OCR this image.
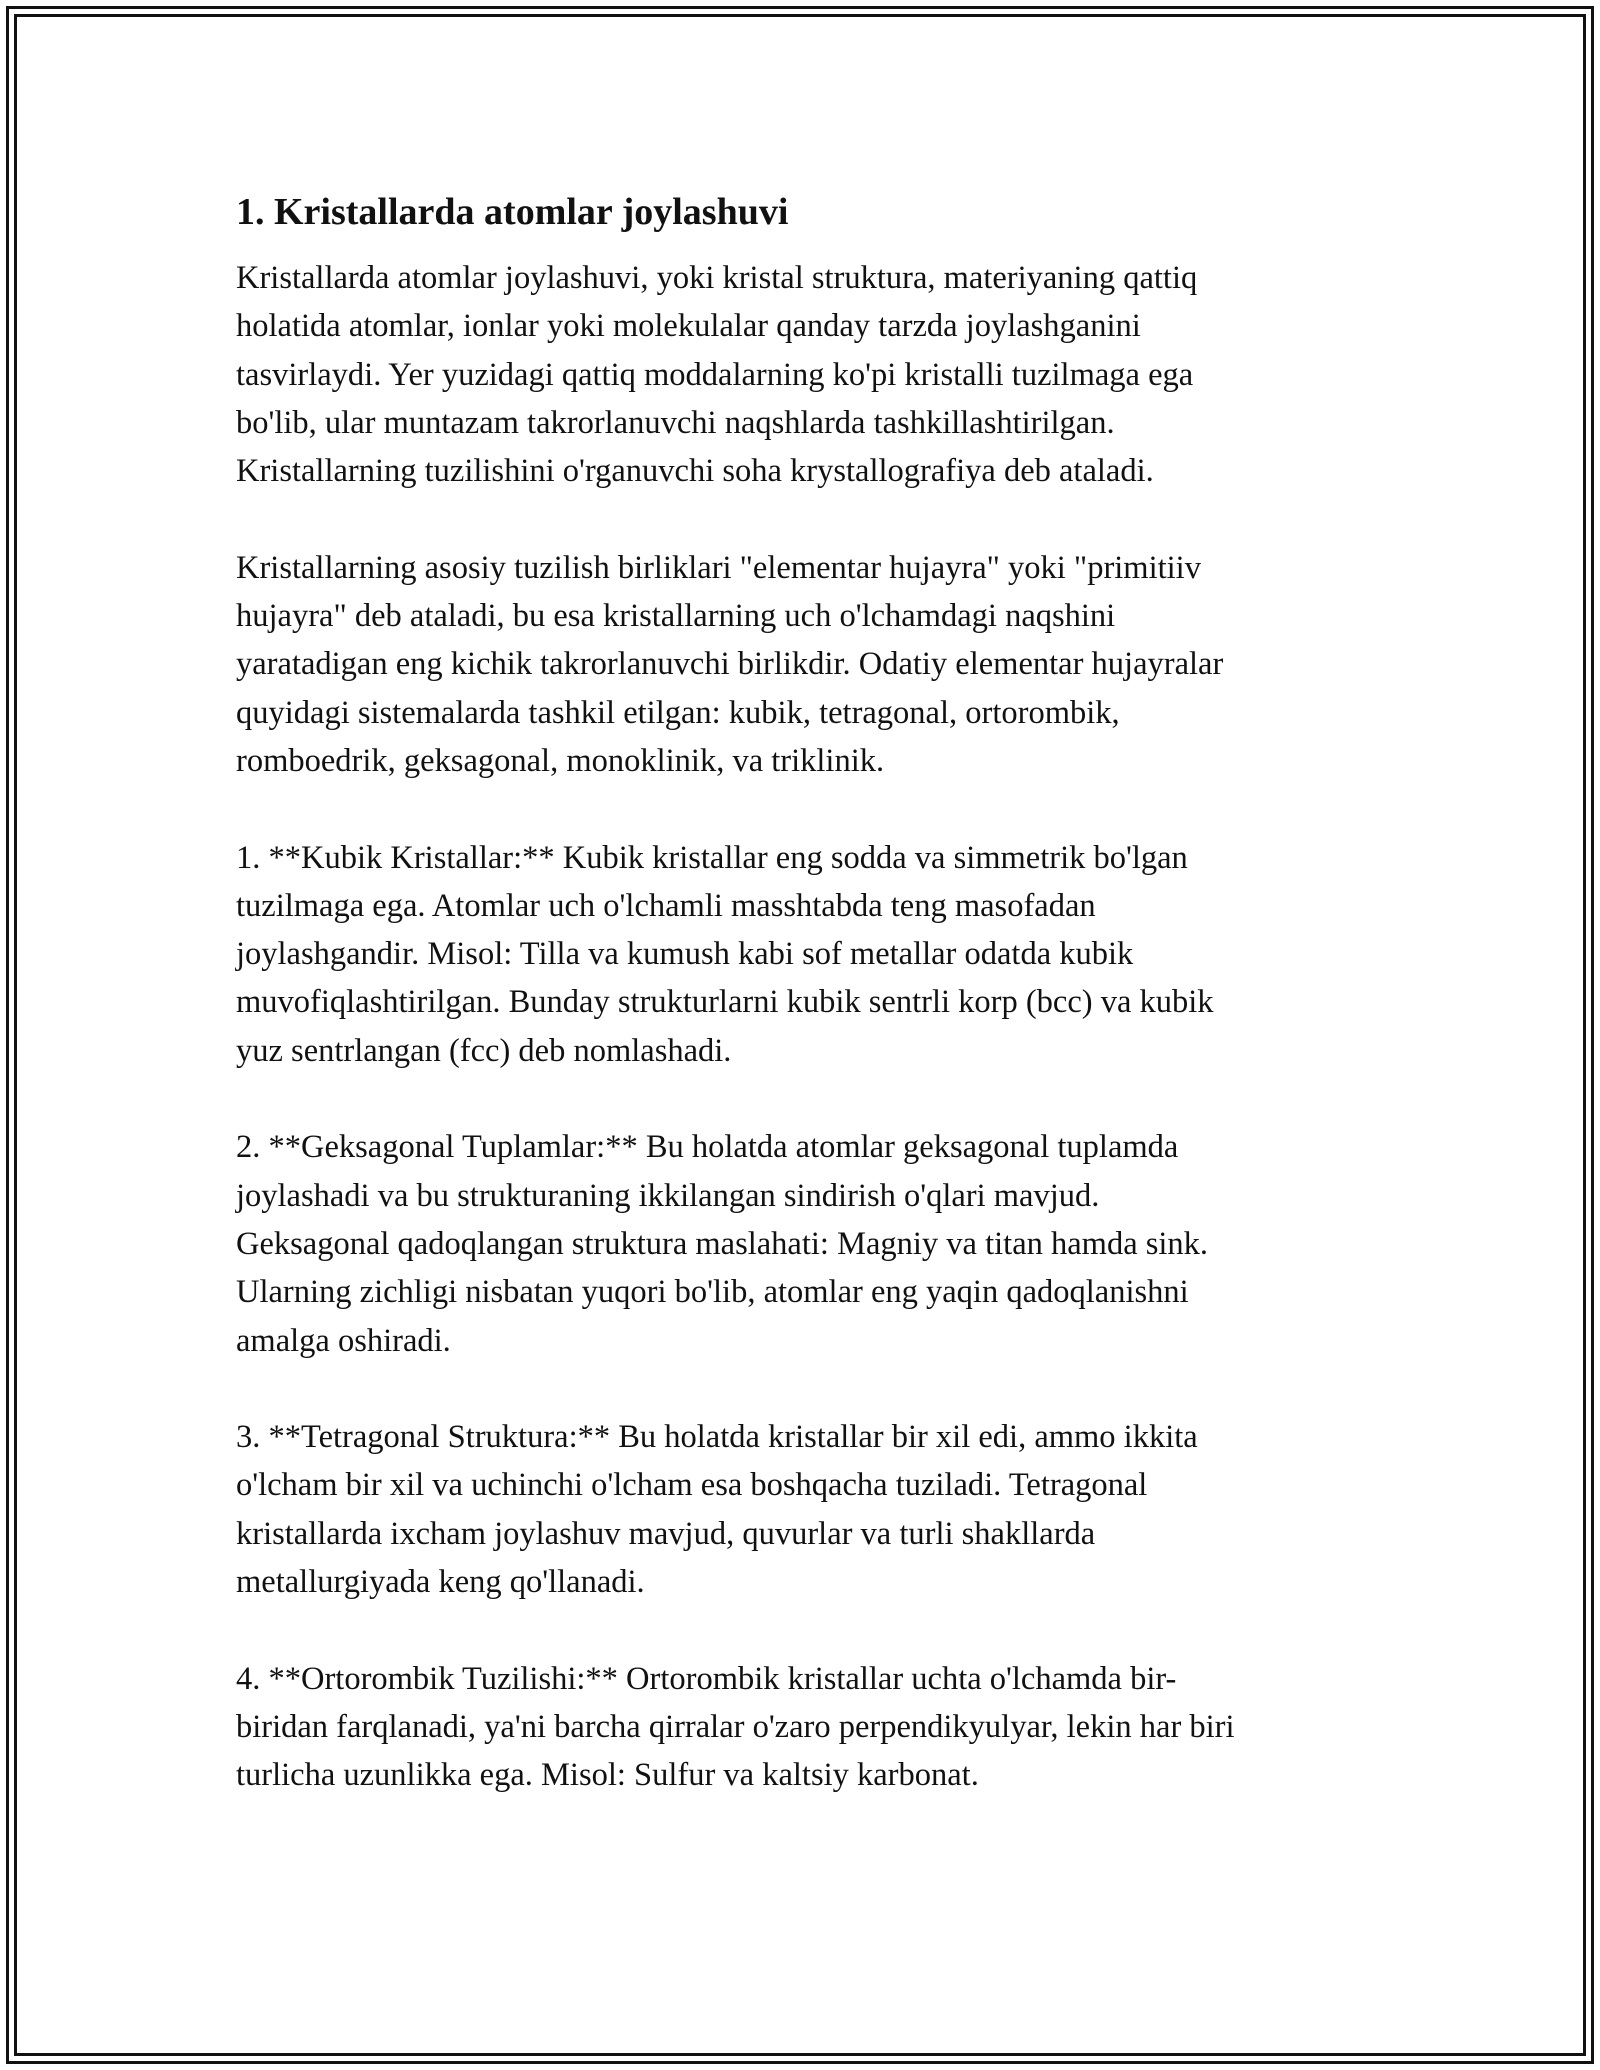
1. Kristallarda atomlar joylashuvi

Kristallarda atomlar joylashuvi, yoki kristal struktura, materiyaning qattiq
holatida atomlar, ionlar yoki molekulalar qanday tarzda joylashganini
tasvirlaydi. Yer yuzidagi qattiq moddalarning ko'pi kristalli tuzilmaga ega
bo'lib, ular muntazam takrorlanuvchi naqshlarda tashkillashtirilgan.
Kristallarning tuzilishini o'rganuvchi soha krystallografiya deb ataladi.

Kristallarning asosiy tuzilish birliklari "elementar hujayra" yoki "primitiiv
hujayra" deb ataladi, bu esa kristallarning uch o'lchamdagi naqshini
yaratadigan eng kichik takrorlanuvchi birlikdir. Odatiy elementar hujayralar
quyidagi sistemalarda tashkil etilgan: kubik, tetragonal, ortorombik,
romboedrik, geksagonal, monoklinik, va triklinik.

1. **Kubik Kristallar:** Kubik kristallar eng sodda va simmetrik bo'lgan
tuzilmaga ega. Atomlar uch o'lchamli masshtabda teng masofadan
joylashgandir. Misol: Tilla va kumush kabi sof metallar odatda kubik
muvofiqlashtirilgan. Bunday strukturlarni kubik sentrli korp (bcc) va kubik
yuz sentrlangan (fcc) deb nomlashadi.

2. **Geksagonal Tuplamlar:** Bu holatda atomlar geksagonal tuplamda
joylashadi va bu strukturaning ikkilangan sindirish o'qlari mavjud.
Geksagonal qadoqlangan struktura maslahati: Magniy va titan hamda sink.
Ularning zichligi nisbatan yuqori bo'lib, atomlar eng yaqin qadoqlanishni
amalga oshiradi.

3. **Tetragonal Struktura:** Bu holatda kristallar bir xil edi, ammo ikkita
o'lcham bir xil va uchinchi o'lcham esa boshqacha tuziladi. Tetragonal
kristallarda ixcham joylashuv mavjud, quvurlar va turli shakllarda
metallurgiyada keng qo'llanadi.

4. **Ortorombik Tuzilishi:** Ortorombik kristallar uchta o'lchamda bir-
biridan farqlanadi, ya'ni barcha qirralar o'zaro perpendikyulyar, lekin har biri
turlicha uzunlikka ega. Misol: Sulfur va kaltsiy karbonat.
